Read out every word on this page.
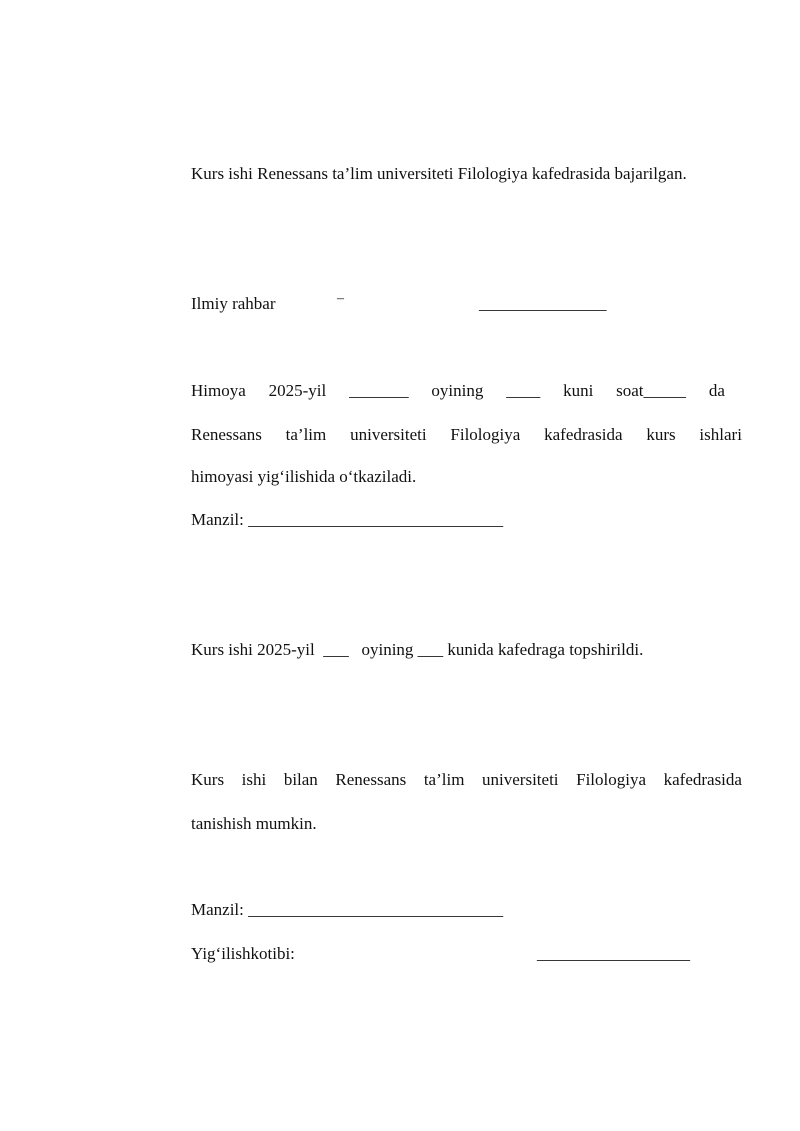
Kurs ishi Renessans ta’lim universiteti Filologiya kafedrasida bajarilgan.
Ilmiy rahbar	–	_______________
Himoya 2025-yil _______ oyining ____ kuni soat_____ da
Renessans ta’lim universiteti Filologiya kafedrasida kurs ishlari
himoyasi yig‘ilishida o‘tkaziladi.
Manzil: ______________________________
Kurs ishi 2025-yil  ___   oyining ___ kunida kafedraga topshirildi.
Kurs ishi bilan Renessans ta’lim universiteti Filologiya kafedrasida
tanishish mumkin.
Manzil: ______________________________
Yig‘ilishkotibi:	__________________
